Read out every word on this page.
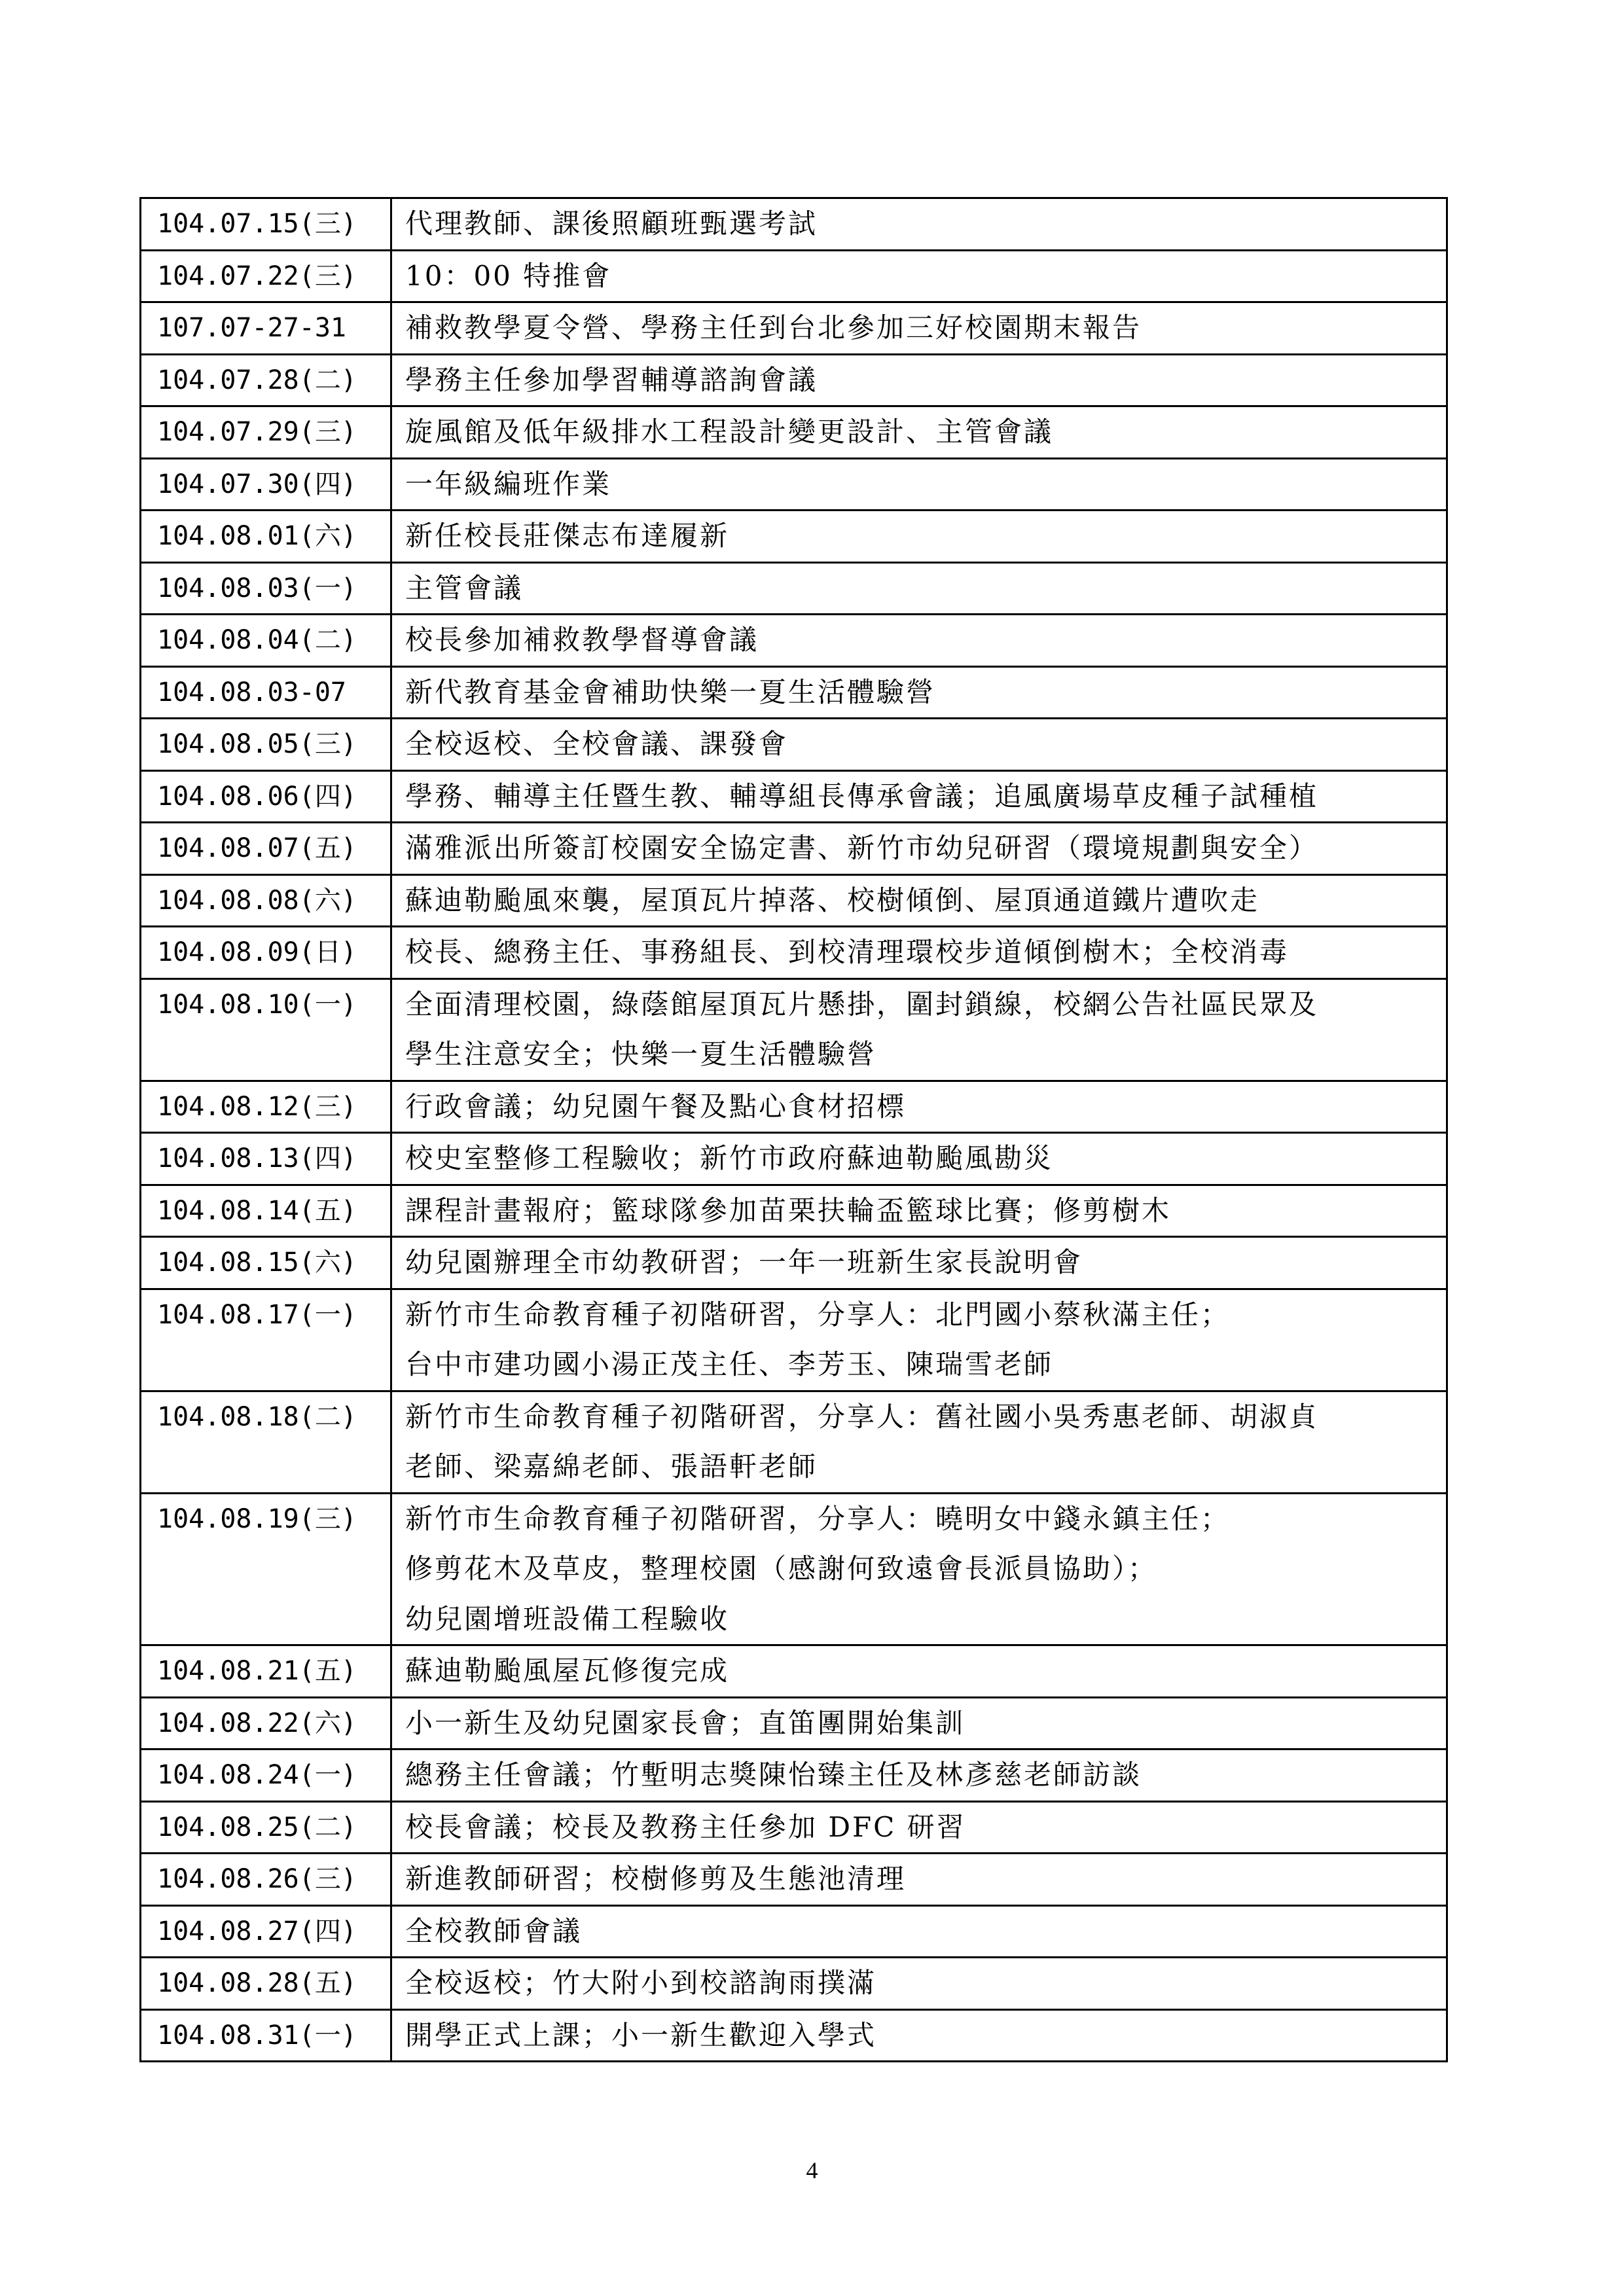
104.07.15(三)	代理教師、課後照顧班甄選考試

104.07.22(三)	10：00 特推會

107.07-27-31	補救教學夏令營、學務主任到台北參加三好校園期末報告

104.07.28(二)	學務主任參加學習輔導諮詢會議

104.07.29(三)	旋風館及低年級排水工程設計變更設計、主管會議

104.07.30(四)	一年級編班作業

104.08.01(六)	新任校長莊傑志布達履新

104.08.03(一)	主管會議

104.08.04(二)	校長參加補救教學督導會議

104.08.03-07	新代教育基金會補助快樂一夏生活體驗營

104.08.05(三)	全校返校、全校會議、課發會

104.08.06(四)	學務、輔導主任暨生教、輔導組長傳承會議；追風廣場草皮種子試種植

104.08.07(五)	滿雅派出所簽訂校園安全協定書、新竹市幼兒研習（環境規劃與安全）

104.08.08(六)	蘇迪勒颱風來襲，屋頂瓦片掉落、校樹傾倒、屋頂通道鐵片遭吹走

104.08.09(日)	校長、總務主任、事務組長、到校清理環校步道傾倒樹木；全校消毒

104.08.10(一)	全面清理校園，綠蔭館屋頂瓦片懸掛，圍封鎖線，校網公告社區民眾及
學生注意安全；快樂一夏生活體驗營

104.08.12(三)	行政會議；幼兒園午餐及點心食材招標

104.08.13(四)	校史室整修工程驗收；新竹市政府蘇迪勒颱風勘災

104.08.14(五)	課程計畫報府；籃球隊參加苗栗扶輪盃籃球比賽；修剪樹木

104.08.15(六)	幼兒園辦理全市幼教研習；一年一班新生家長說明會

104.08.17(一)	新竹市生命教育種子初階研習，分享人：北門國小蔡秋滿主任；
台中市建功國小湯正茂主任、李芳玉、陳瑞雪老師

104.08.18(二)	新竹市生命教育種子初階研習，分享人：舊社國小吳秀惠老師、胡淑貞
老師、梁嘉綿老師、張語軒老師

104.08.19(三)	新竹市生命教育種子初階研習，分享人：曉明女中錢永鎮主任；
修剪花木及草皮，整理校園（感謝何致遠會長派員協助）；
幼兒園增班設備工程驗收

104.08.21(五)	蘇迪勒颱風屋瓦修復完成

104.08.22(六)	小一新生及幼兒園家長會；直笛團開始集訓

104.08.24(一)	總務主任會議；竹塹明志獎陳怡臻主任及林彥慈老師訪談

104.08.25(二)	校長會議；校長及教務主任參加 DFC 研習

104.08.26(三)	新進教師研習；校樹修剪及生態池清理

104.08.27(四)	全校教師會議

104.08.28(五)	全校返校；竹大附小到校諮詢雨撲滿

104.08.31(一)	開學正式上課；小一新生歡迎入學式
4
